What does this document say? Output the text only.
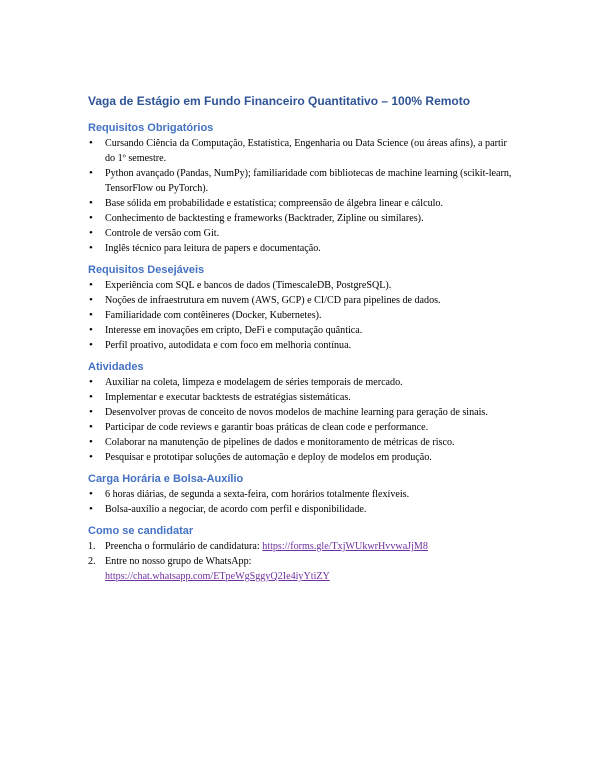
Vaga de Estágio em Fundo Financeiro Quantitativo – 100% Remoto
Requisitos Obrigatórios
• Cursando Ciência da Computação, Estatística, Engenharia ou Data Science (ou áreas afins), a partir do 1º semestre.
• Python avançado (Pandas, NumPy); familiaridade com bibliotecas de machine learning (scikit-learn, TensorFlow ou PyTorch).
• Base sólida em probabilidade e estatística; compreensão de álgebra linear e cálculo.
• Conhecimento de backtesting e frameworks (Backtrader, Zipline ou similares).
• Controle de versão com Git.
• Inglês técnico para leitura de papers e documentação.
Requisitos Desejáveis
• Experiência com SQL e bancos de dados (TimescaleDB, PostgreSQL).
• Noções de infraestrutura em nuvem (AWS, GCP) e CI/CD para pipelines de dados.
• Familiaridade com contêineres (Docker, Kubernetes).
• Interesse em inovações em cripto, DeFi e computação quântica.
• Perfil proativo, autodidata e com foco em melhoria contínua.
Atividades
• Auxiliar na coleta, limpeza e modelagem de séries temporais de mercado.
• Implementar e executar backtests de estratégias sistemáticas.
• Desenvolver provas de conceito de novos modelos de machine learning para geração de sinais.
• Participar de code reviews e garantir boas práticas de clean code e performance.
• Colaborar na manutenção de pipelines de dados e monitoramento de métricas de risco.
• Pesquisar e prototipar soluções de automação e deploy de modelos em produção.
Carga Horária e Bolsa-Auxílio
• 6 horas diárias, de segunda a sexta-feira, com horários totalmente flexíveis.
• Bolsa-auxílio a negociar, de acordo com perfil e disponibilidade.
Como se candidatar
1. Preencha o formulário de candidatura: https://forms.gle/TxjWUkwrHvvwaJjM8
2. Entre no nosso grupo de WhatsApp:
https://chat.whatsapp.com/ETpeWgSggyQ2Ie4iyYtiZY
